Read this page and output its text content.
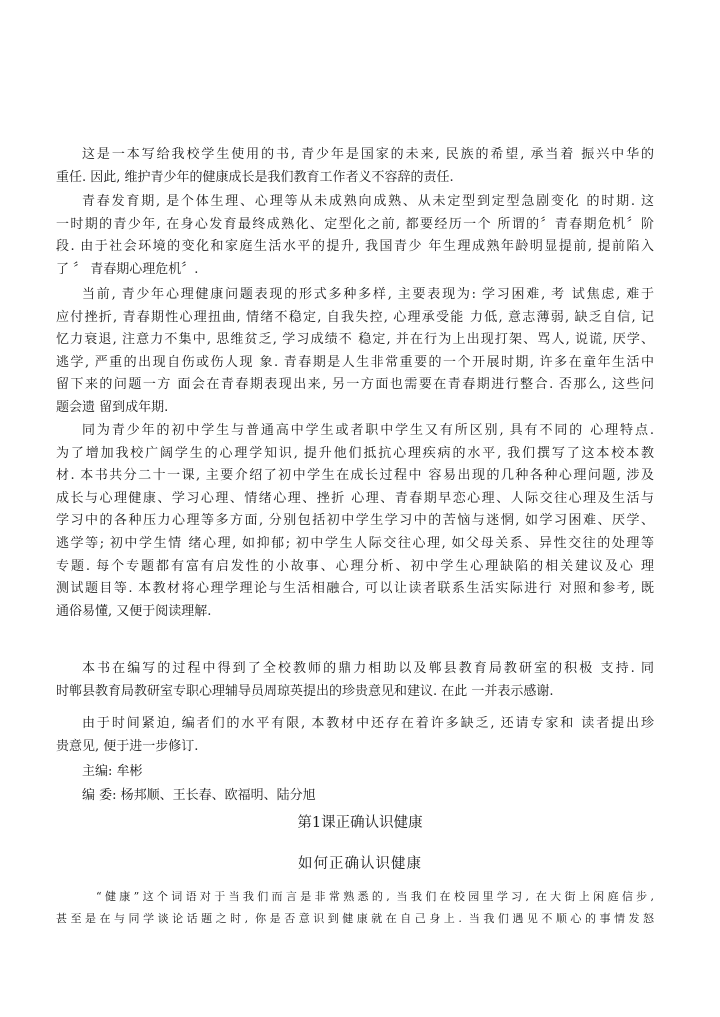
这是一本写给我校学生使用的书, 青少年是国家的未来, 民族的希望, 承当着 振兴中华的
重任. 因此, 维护青少年的健康成长是我们教育工作者义不容辞的责任.
青春发育期, 是个体生理、心理等从未成熟向成熟、从未定型到定型急剧变化 的时期. 这
一时期的青少年, 在身心发育最终成熟化、定型化之前, 都要经历一个 所谓的〞青春期危机〞阶
段. 由于社会环境的变化和家庭生活水平的提升, 我国青少 年生理成熟年龄明显提前, 提前陷入
了 〞 青春期心理危机〞.
当前, 青少年心理健康问题表现的形式多种多样, 主要表现为: 学习困难, 考 试焦虑, 难于
应付挫折, 青春期性心理扭曲, 情绪不稳定, 自我失控, 心理承受能 力低, 意志薄弱, 缺乏自信, 记
忆力衰退, 注意力不集中, 思维贫乏, 学习成绩不 稳定, 并在行为上出现打架、骂人, 说谎, 厌学、
逃学, 严重的出现自伤或伤人现 象. 青春期是人生非常重要的一个开展时期, 许多在童年生活中
留下来的问题一方 面会在青春期表现出来, 另一方面也需要在青春期进行整合. 否那么, 这些问
题会遗 留到成年期.
同为青少年的初中学生与普通高中学生或者职中学生又有所区别, 具有不同的 心理特点.
为了增加我校广阔学生的心理学知识, 提升他们抵抗心理疾病的水平, 我们撰写了这本校本教
材. 本书共分二十一课, 主要介绍了初中学生在成长过程中 容易出现的几种各种心理问题, 涉及
成长与心理健康、学习心理、情绪心理、挫折 心理、青春期早恋心理、人际交往心理及生活与
学习中的各种压力心理等多方面, 分别包括初中学生学习中的苦恼与迷惘, 如学习困难、厌学、
逃学等; 初中学生情 绪心理, 如抑郁; 初中学生人际交往心理, 如父母关系、异性交往的处理等
专题. 每个专题都有富有启发性的小故事、心理分析、初中学生心理缺陷的相关建议及心 理
测试题目等. 本教材将心理学理论与生活相融合, 可以让读者联系生活实际进行 对照和参考, 既
通俗易懂, 又便于阅读理解.
本书在编写的过程中得到了全校教师的鼎力相助以及郸县教育局教研室的积极 支持. 同
时郸县教育局教研室专职心理辅导员周琼英提出的珍贵意见和建议. 在此 一并表示感谢.
由于时间紧迫, 编者们的水平有限, 本教材中还存在着许多缺乏, 还请专家和 读者提出珍
贵意见, 便于进一步修订.
主编: 牟彬
编 委: 杨邦顺、王长春、欧福明、陆分旭
第1课正确认识健康
如何正确认识健康
“健康”这个词语对于当我们而言是非常熟悉的, 当我们在校园里学习, 在大街上闲庭信步,
甚至是在与同学谈论话题之时, 你是否意识到健康就在自己身上. 当我们遇见不顺心的事情发怒
